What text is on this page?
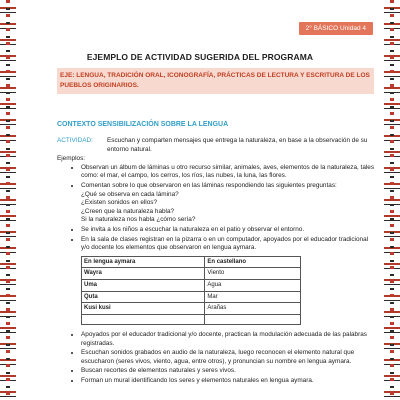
2° BÁSICO Unidad 4
EJEMPLO DE ACTIVIDAD SUGERIDA DEL PROGRAMA
EJE: LENGUA, TRADICIÓN ORAL, ICONOGRAFÍA, PRÁCTICAS DE LECTURA Y ESCRITURA DE LOS PUEBLOS ORIGINARIOS.
CONTEXTO SENSIBILIZACIÓN SOBRE LA LENGUA
ACTIVIDAD:	Escuchan y comparten mensajes que entrega la naturaleza, en base a la observación de su entorno natural.
Ejemplos:
• Observan un álbum de láminas u otro recurso similar, animales, aves, elementos de la naturaleza, tales como: el mar, el campo, los cerros, los ríos, las nubes, la luna, las flores.
• Comentan sobre lo que observaron en las láminas respondiendo las siguientes preguntas:
¿Qué se observa en cada lámina?
¿Existen sonidos en ellos?
¿Creen que la naturaleza habla?
Si la naturaleza nos habla ¿cómo sería?
• Se invita a los niños a escuchar la naturaleza en el patio y observar el entorno.
• En la sala de clases registran en la pizarra o en un computador, apoyados por el educador tradicional y/o docente los elementos que observaron en lengua aymara.
En lengua aymara	En castellano
Wayra	Viento
Uma	Agua
Quta	Mar
Kusi kusi	Arañas

• Apoyados por el educador tradicional y/o docente, practican la modulación adecuada de las palabras registradas.
• Escuchan sonidos grabados en audio de la naturaleza, luego reconocen el elemento natural que escucharon (seres vivos, viento, agua, entre otros), y pronuncian su nombre en lengua aymara.
• Buscan recortes de elementos naturales y seres vivos.
• Forman un mural identificando los seres y elementos naturales en lengua aymara.
